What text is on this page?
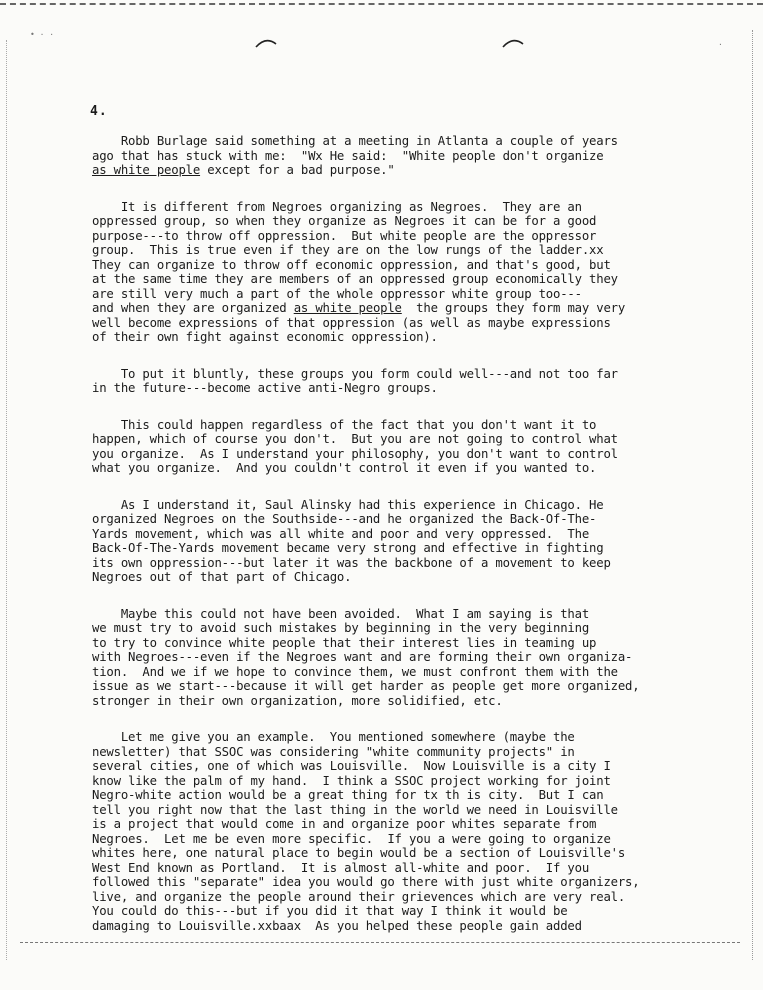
• · ·
·
4.
Robb Burlage said something at a meeting in Atlanta a couple of years
ago that has stuck with me:  "Wx He said:  "White people don't organize
as white people except for a bad purpose."
It is different from Negroes organizing as Negroes.  They are an
oppressed group, so when they organize as Negroes it can be for a good
purpose---to throw off oppression.  But white people are the oppressor
group.  This is true even if they are on the low rungs of the ladder.xx
They can organize to throw off economic oppression, and that's good, but
at the same time they are members of an oppressed group economically they
are still very much a part of the whole oppressor white group too---
and when they are organized as white people  the groups they form may very
well become expressions of that oppression (as well as maybe expressions
of their own fight against economic oppression).
To put it bluntly, these groups you form could well---and not too far
in the future---become active anti-Negro groups.
This could happen regardless of the fact that you don't want it to
happen, which of course you don't.  But you are not going to control what
you organize.  As I understand your philosophy, you don't want to control
what you organize.  And you couldn't control it even if you wanted to.
As I understand it, Saul Alinsky had this experience in Chicago. He
organized Negroes on the Southside---and he organized the Back-Of-The-
Yards movement, which was all white and poor and very oppressed.  The
Back-Of-The-Yards movement became very strong and effective in fighting
its own oppression---but later it was the backbone of a movement to keep
Negroes out of that part of Chicago.
Maybe this could not have been avoided.  What I am saying is that
we must try to avoid such mistakes by beginning in the very beginning
to try to convince white people that their interest lies in teaming up
with Negroes---even if the Negroes want and are forming their own organiza-
tion.  And we if we hope to convince them, we must confront them with the
issue as we start---because it will get harder as people get more organized,
stronger in their own organization, more solidified, etc.
Let me give you an example.  You mentioned somewhere (maybe the
newsletter) that SSOC was considering "white community projects" in
several cities, one of which was Louisville.  Now Louisville is a city I
know like the palm of my hand.  I think a SSOC project working for joint
Negro-white action would be a great thing for tx th is city.  But I can
tell you right now that the last thing in the world we need in Louisville
is a project that would come in and organize poor whites separate from
Negroes.  Let me be even more specific.  If you a were going to organize
whites here, one natural place to begin would be a section of Louisville's
West End known as Portland.  It is almost all-white and poor.  If you
followed this "separate" idea you would go there with just white organizers,
live, and organize the people around their grievences which are very real.
You could do this---but if you did it that way I think it would be
damaging to Louisville.xxbaax  As you helped these people gain added
